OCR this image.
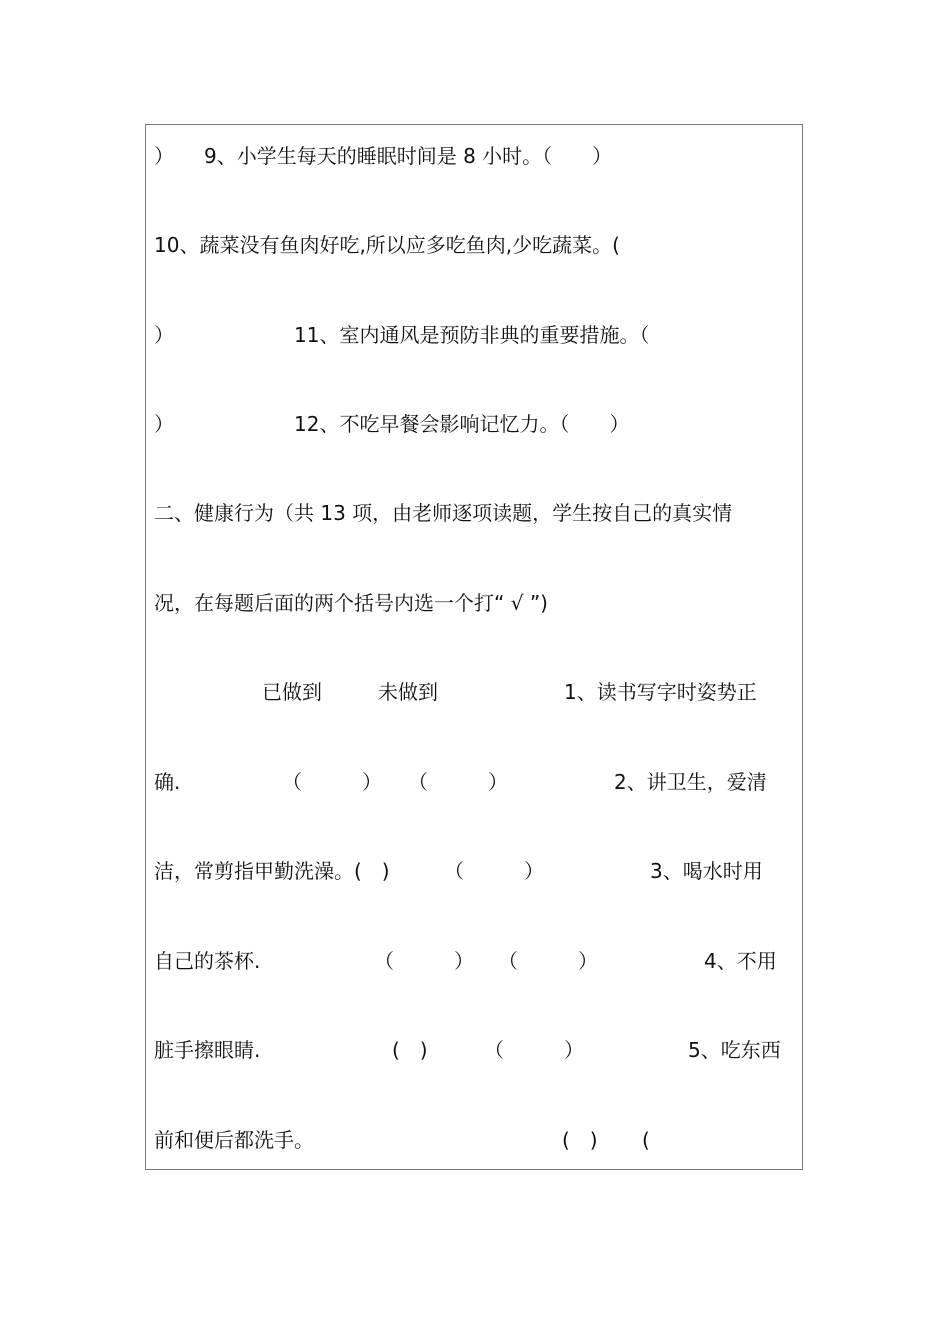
） 9、小学生每天的睡眠时间是 8 小时。（　　）
10、蔬菜没有鱼肉好吃,所以应多吃鱼肉,少吃蔬菜。(
）	11、室内通风是预防非典的重要措施。（
）	12、不吃早餐会影响记忆力。（　　）
二、健康行为（共 13 项，由老师逐项读题，学生按自己的真实情
况，在每题后面的两个括号内选一个打“ √ ”)
已做到	未做到	1、读书写字时姿势正
确.	（　　　） （　　　）	2、讲卫生，爱清
洁，常剪指甲勤洗澡。(　)	（　　　）	3、喝水时用
自己的茶杯.	（　　　） （　　　）	4、不用
脏手擦眼睛.	(　)	（　　　）	5、吃东西
前和便后都洗手。	(　) (
